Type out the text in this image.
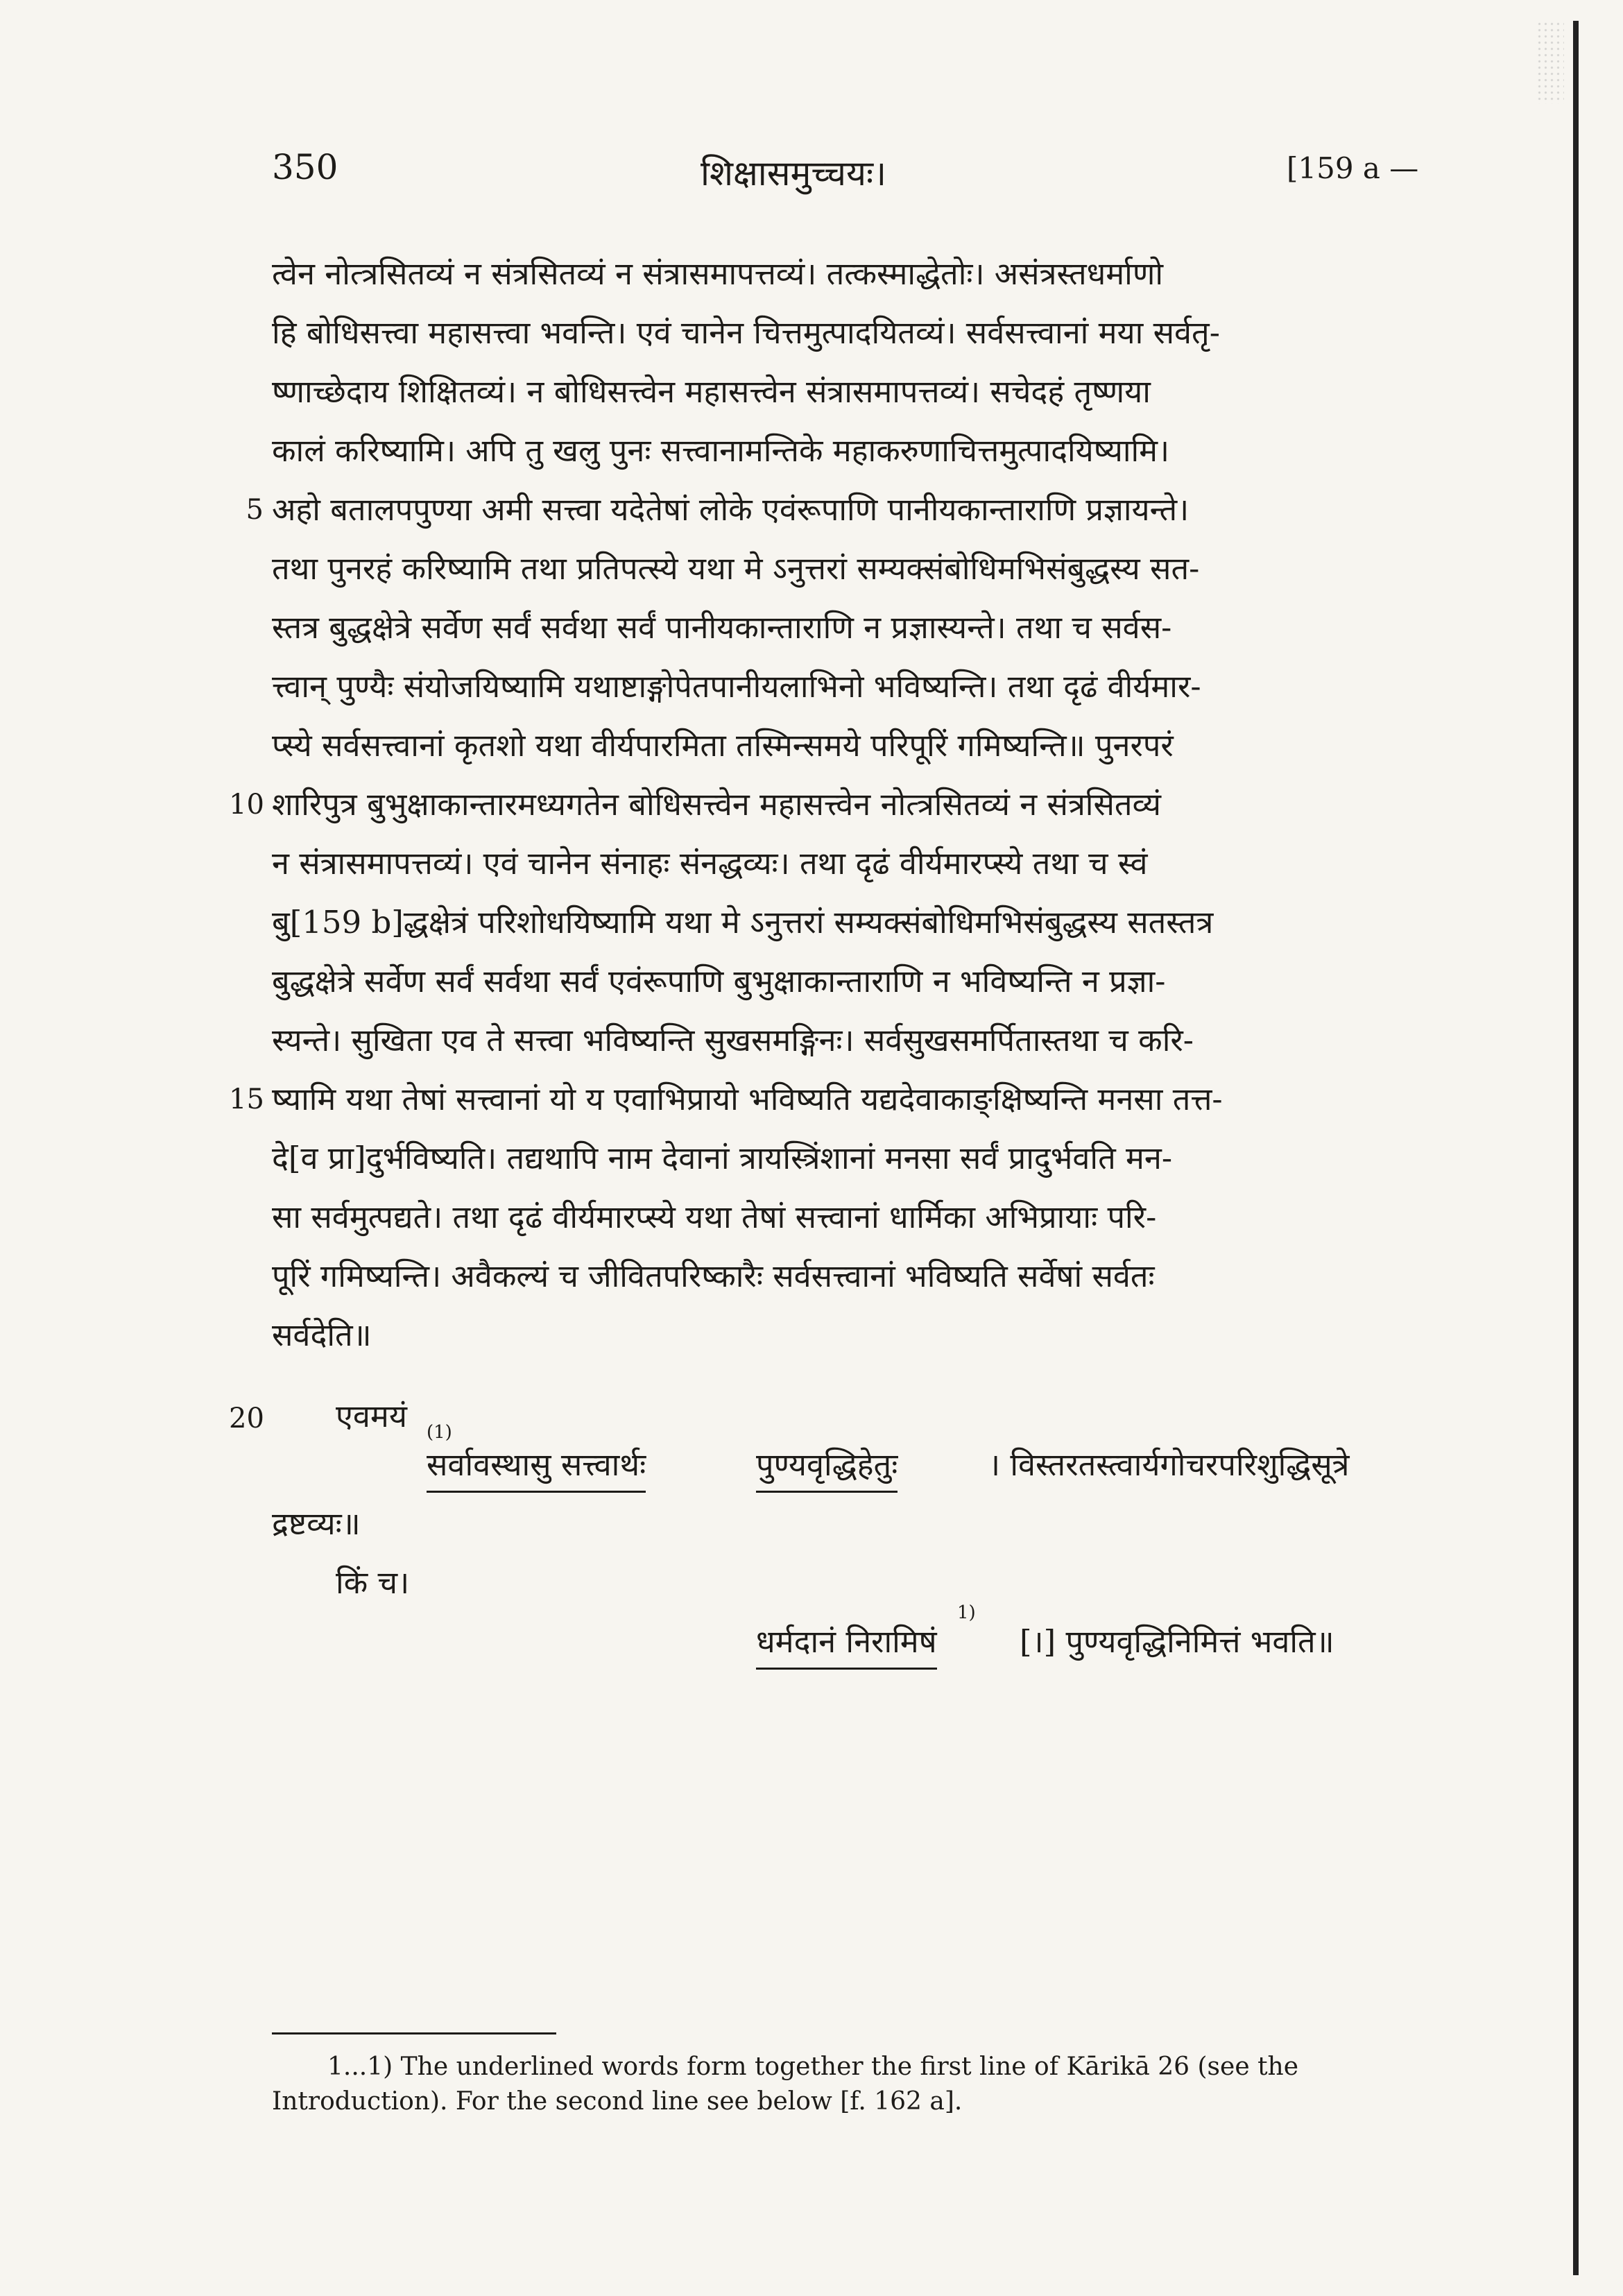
350	शिक्षासमुच्चयः।	[159 a —
त्वेन नोत्त्रसितव्यं न संत्रसितव्यं न संत्रासमापत्तव्यं। तत्कस्माद्धेतोः। असंत्रस्तधर्माणो
हि बोधिसत्त्वा महासत्त्वा भवन्ति। एवं चानेन चित्तमुत्पादयितव्यं। सर्वसत्त्वानां मया सर्वतृ-
ष्णाच्छेदाय शिक्षितव्यं। न बोधिसत्त्वेन महासत्त्वेन संत्रासमापत्तव्यं। सचेदहं तृष्णया
कालं करिष्यामि। अपि तु खलु पुनः सत्त्वानामन्तिके महाकरुणाचित्तमुत्पादयिष्यामि।
अहो बतालपपुण्या अमी सत्त्वा यदेतेषां लोके एवंरूपाणि पानीयकान्ताराणि प्रज्ञायन्ते।
तथा पुनरहं करिष्यामि तथा प्रतिपत्स्ये यथा मे ऽनुत्तरां सम्यक्संबोधिमभिसंबुद्धस्य सत-
स्तत्र बुद्धक्षेत्रे सर्वेण सर्वं सर्वथा सर्वं पानीयकान्ताराणि न प्रज्ञास्यन्ते। तथा च सर्वस-
त्त्वान् पुण्यैः संयोजयिष्यामि यथाष्टाङ्गोपेतपानीयलाभिनो भविष्यन्ति। तथा दृढं वीर्यमार-
प्स्ये सर्वसत्त्वानां कृतशो यथा वीर्यपारमिता तस्मिन्समये परिपूरिं गमिष्यन्ति॥ पुनरपरं
शारिपुत्र बुभुक्षाकान्तारमध्यगतेन बोधिसत्त्वेन महासत्त्वेन नोत्त्रसितव्यं न संत्रसितव्यं
न संत्रासमापत्तव्यं। एवं चानेन संनाहः संनद्धव्यः। तथा दृढं वीर्यमारप्स्ये तथा च स्वं
बु[159 b]द्धक्षेत्रं परिशोधयिष्यामि यथा मे ऽनुत्तरां सम्यक्संबोधिमभिसंबुद्धस्य सतस्तत्र
बुद्धक्षेत्रे सर्वेण सर्वं सर्वथा सर्वं एवंरूपाणि बुभुक्षाकान्ताराणि न भविष्यन्ति न प्रज्ञा-
स्यन्ते। सुखिता एव ते सत्त्वा भविष्यन्ति सुखसमङ्गिनः। सर्वसुखसमर्पितास्तथा च करि-
ष्यामि यथा तेषां सत्त्वानां यो य एवाभिप्रायो भविष्यति यद्यदेवाकाङ्क्षिष्यन्ति मनसा तत्त-
दे[व प्रा]दुर्भविष्यति। तद्यथापि नाम देवानां त्रायस्त्रिंशानां मनसा सर्वं प्रादुर्भवति मन-
सा सर्वमुत्पद्यते। तथा दृढं वीर्यमारप्स्ये यथा तेषां सत्त्वानां धार्मिका अभिप्रायाः परि-
पूरिं गमिष्यन्ति। अवैकल्यं च जीवितपरिष्कारैः सर्वसत्त्वानां भविष्यति सर्वेषां सर्वतः
सर्वदेति॥
5
10
15
20 एवमयं (1)
सर्वावस्थासु सत्त्वार्थः	पुण्यवृद्धिहेतुः	। विस्तरतस्त्वार्यगोचरपरिशुद्धिसूत्रे
द्रष्टव्यः॥
किं च।
1)
धर्मदानं निरामिषं	[।] पुण्यवृद्धिनिमित्तं भवति॥
1...1) The underlined words form together the first line of Kārikā 26 (see the Introduction). For the second line see below [f. 162 a].
